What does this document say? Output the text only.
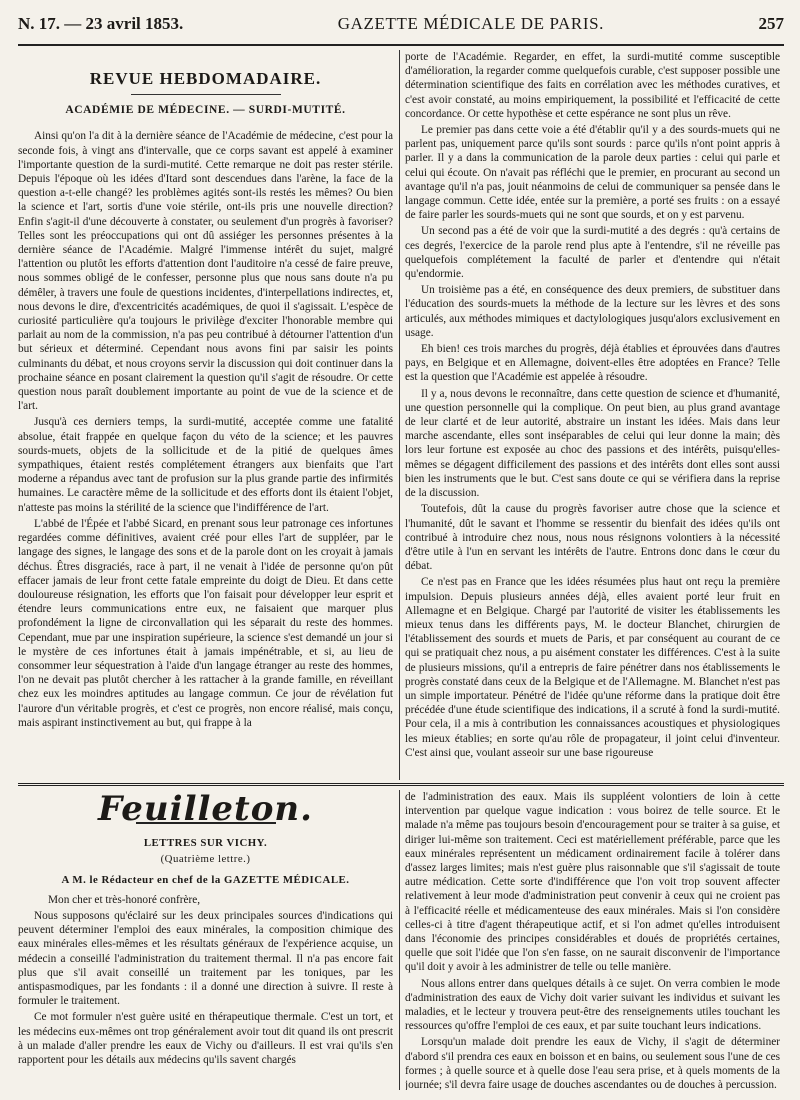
N. 17. — 23 avril 1853.	GAZETTE MÉDICALE DE PARIS.	257
REVUE HEBDOMADAIRE.
ACADÉMIE DE MÉDECINE. — SURDI-MUTITÉ.

Ainsi qu'on l'a dit à la dernière séance de l'Académie de médecine, c'est pour la seconde fois, à vingt ans d'intervalle, que ce corps savant est appelé à examiner l'importante question de la surdi-mutité. Cette remarque ne doit pas rester stérile. Depuis l'époque où les idées d'Itard sont descendues dans l'arène, la face de la question a-t-elle changé? les problèmes agités sont-ils restés les mêmes? Ou bien la science et l'art, sortis d'une voie stérile, ont-ils pris une nouvelle direction? Enfin s'agit-il d'une découverte à constater, ou seulement d'un progrès à favoriser? Telles sont les préoccupations qui ont dû assiéger les personnes présentes à la dernière séance de l'Académie. Malgré l'immense intérêt du sujet, malgré l'attention ou plutôt les efforts d'attention dont l'auditoire n'a cessé de faire preuve, nous sommes obligé de le confesser, personne plus que nous sans doute n'a pu démêler, à travers une foule de questions incidentes, d'interpellations indirectes, et, nous devons le dire, d'excentricités académiques, de quoi il s'agissait. L'espèce de curiosité particulière qu'a toujours le privilège d'exciter l'honorable membre qui parlait au nom de la commission, n'a pas peu contribué à détourner l'attention d'un but sérieux et déterminé. Cependant nous avons fini par saisir les points culminants du débat, et nous croyons servir la discussion qui doit continuer dans la prochaine séance en posant clairement la question qu'il s'agit de résoudre. Or cette question nous paraît doublement importante au point de vue de la science et de l'art.

Jusqu'à ces derniers temps, la surdi-mutité, acceptée comme une fatalité absolue, était frappée en quelque façon du véto de la science; et les pauvres sourds-muets, objets de la sollicitude et de la pitié de quelques âmes sympathiques, étaient restés complétement étrangers aux bienfaits que l'art moderne a répandus avec tant de profusion sur la plus grande partie des infirmités humaines. Le caractère même de la sollicitude et des efforts dont ils étaient l'objet, n'atteste pas moins la stérilité de la science que l'indifférence de l'art.

L'abbé de l'Épée et l'abbé Sicard, en prenant sous leur patronage ces infortunes regardées comme définitives, avaient créé pour elles l'art de suppléer, par le langage des signes, le langage des sons et de la parole dont on les croyait à jamais déchus. Êtres disgraciés, race à part, il ne venait à l'idée de personne qu'on pût effacer jamais de leur front cette fatale empreinte du doigt de Dieu. Et dans cette douloureuse résignation, les efforts que l'on faisait pour développer leur esprit et étendre leurs communications entre eux, ne faisaient que marquer plus profondément la ligne de circonvallation qui les séparait du reste des hommes. Cependant, mue par une inspiration supérieure, la science s'est demandé un jour si le mystère de ces infortunes était à jamais impénétrable, et si, au lieu de consommer leur séquestration à l'aide d'un langage étranger au reste des hommes, l'on ne devait pas plutôt chercher à les rattacher à la grande famille, en réveillant chez eux les moindres aptitudes au langage commun. Ce jour de révélation fut l'aurore d'un véritable progrès, et c'est ce progrès, non encore réalisé, mais conçu, mais aspirant instinctivement au but, qui frappe à la

porte de l'Académie. Regarder, en effet, la surdi-mutité comme susceptible d'amélioration, la regarder comme quelquefois curable, c'est supposer possible une détermination scientifique des faits en corrélation avec les méthodes curatives, et c'est avoir constaté, au moins empiriquement, la possibilité et l'efficacité de cette concordance. Or cette hypothèse et cette espérance ne sont plus un rêve.

Le premier pas dans cette voie a été d'établir qu'il y a des sourds-muets qui ne parlent pas, uniquement parce qu'ils sont sourds : parce qu'ils n'ont point appris à parler. Il y a dans la communication de la parole deux parties : celui qui parle et celui qui écoute. On n'avait pas réfléchi que le premier, en procurant au second un avantage qu'il n'a pas, jouit néanmoins de celui de communiquer sa pensée dans le langage commun. Cette idée, entée sur la première, a porté ses fruits : on a essayé de faire parler les sourds-muets qui ne sont que sourds, et on y est parvenu.

Un second pas a été de voir que la surdi-mutité a des degrés : qu'à certains de ces degrés, l'exercice de la parole rend plus apte à l'entendre, s'il ne réveille pas quelquefois complétement la faculté de parler et d'entendre qui n'était qu'endormie.

Un troisième pas a été, en conséquence des deux premiers, de substituer dans l'éducation des sourds-muets la méthode de la lecture sur les lèvres et des sons articulés, aux méthodes mimiques et dactylologiques jusqu'alors exclusivement en usage.

Eh bien! ces trois marches du progrès, déjà établies et éprouvées dans d'autres pays, en Belgique et en Allemagne, doivent-elles être adoptées en France? Telle est la question que l'Académie est appelée à résoudre.

Il y a, nous devons le reconnaître, dans cette question de science et d'humanité, une question personnelle qui la complique. On peut bien, au plus grand avantage de leur clarté et de leur autorité, abstraire un instant les idées. Mais dans leur marche ascendante, elles sont inséparables de celui qui leur donne la main; dès lors leur fortune est exposée au choc des passions et des intérêts, puisqu'elles-mêmes se dégagent difficilement des passions et des intérêts dont elles sont aussi bien les instruments que le but. C'est sans doute ce qui se vérifiera dans la reprise de la discussion.

Toutefois, dût la cause du progrès favoriser autre chose que la science et l'humanité, dût le savant et l'homme se ressentir du bienfait des idées qu'ils ont contribué à introduire chez nous, nous nous résignons volontiers à la nécessité d'être utile à l'un en servant les intérêts de l'autre. Entrons donc dans le cœur du débat.

Ce n'est pas en France que les idées résumées plus haut ont reçu la première impulsion. Depuis plusieurs années déjà, elles avaient porté leur fruit en Allemagne et en Belgique. Chargé par l'autorité de visiter les établissements les mieux tenus dans les différents pays, M. le docteur Blanchet, chirurgien de l'établissement des sourds et muets de Paris, et par conséquent au courant de ce qui se pratiquait chez nous, a pu aisément constater les différences. C'est à la suite de plusieurs missions, qu'il a entrepris de faire pénétrer dans nos établissements le progrès constaté dans ceux de la Belgique et de l'Allemagne. M. Blanchet n'est pas un simple importateur. Pénétré de l'idée qu'une réforme dans la pratique doit être précédée d'une étude scientifique des indications, il a scruté à fond la surdi-mutité. Pour cela, il a mis à contribution les connaissances acoustiques et physiologiques les mieux établies; en sorte qu'au rôle de propagateur, il joint celui d'inventeur. C'est ainsi que, voulant asseoir sur une base rigoureuse

Feuilleton.

LETTRES SUR VICHY.

(Quatrième lettre.)

A M. le Rédacteur en chef de la GAZETTE MÉDICALE.

Mon cher et très-honoré confrère,

Nous supposons qu'éclairé sur les deux principales sources d'indications qui peuvent déterminer l'emploi des eaux minérales, la composition chimique des eaux minérales elles-mêmes et les résultats généraux de l'expérience acquise, un médecin a conseillé l'administration du traitement thermal. Il n'a pas encore fait plus que s'il avait conseillé un traitement par les toniques, par les antispasmodiques, par les fondants : il a donné une direction à suivre. Il reste à formuler le traitement.

Ce mot formuler n'est guère usité en thérapeutique thermale. C'est un tort, et les médecins eux-mêmes ont trop généralement avoir tout dit quand ils ont prescrit à un malade d'aller prendre les eaux de Vichy ou d'ailleurs. Il est vrai qu'ils s'en rapportent pour les détails aux médecins qu'ils savent chargés

de l'administration des eaux. Mais ils suppléent volontiers de loin à cette intervention par quelque vague indication : vous boirez de telle source. Et le malade n'a même pas toujours besoin d'encouragement pour se traiter à sa guise, et diriger lui-même son traitement. Ceci est matériellement préférable, parce que les eaux minérales représentent un médicament ordinairement facile à tolérer dans d'assez larges limites; mais n'est guère plus raisonnable que s'il s'agissait de toute autre médication. Cette sorte d'indifférence que l'on voit trop souvent affecter relativement à leur mode d'administration peut convenir à ceux qui ne croient pas à l'efficacité réelle et médicamenteuse des eaux minérales. Mais si l'on considère celles-ci à titre d'agent thérapeutique actif, et si l'on admet qu'elles introduisent dans l'économie des principes considérables et doués de propriétés certaines, quelle que soit l'idée que l'on s'en fasse, on ne saurait disconvenir de l'importance qu'il doit y avoir à les administrer de telle ou telle manière.

Nous allons entrer dans quelques détails à ce sujet. On verra combien le mode d'administration des eaux de Vichy doit varier suivant les individus et suivant les maladies, et le lecteur y trouvera peut-être des renseignements utiles touchant les ressources qu'offre l'emploi de ces eaux, et par suite touchant leurs indications.

Lorsqu'un malade doit prendre les eaux de Vichy, il s'agit de déterminer d'abord s'il prendra ces eaux en boisson et en bains, ou seulement sous l'une de ces formes ; à quelle source et à quelle dose l'eau sera prise, et à quels moments de la journée; s'il devra faire usage de douches ascendantes ou de douches à percussion.
